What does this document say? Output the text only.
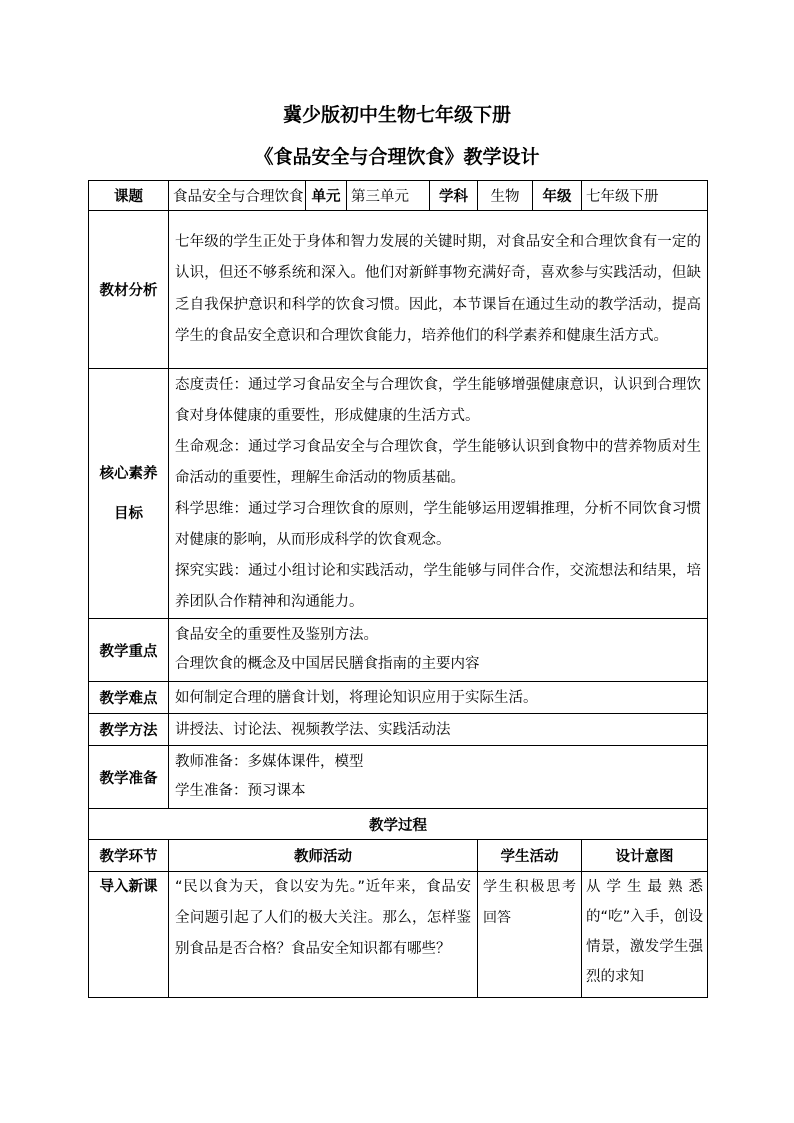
冀少版初中生物七年级下册
《食品安全与合理饮食》教学设计
课题	食品安全与合理饮食	单元	第三单元	学科	生物	年级	七年级下册
教材分析	七年级的学生正处于身体和智力发展的关键时期，对食品安全和合理饮食有一定的认识，但还不够系统和深入。他们对新鲜事物充满好奇，喜欢参与实践活动，但缺乏自我保护意识和科学的饮食习惯。因此，本节课旨在通过生动的教学活动，提高学生的食品安全意识和合理饮食能力，培养他们的科学素养和健康生活方式。						

核心素养
目标	态度责任：通过学习食品安全与合理饮食，学生能够增强健康意识，认识到合理饮食对身体健康的重要性，形成健康的生活方式。
生命观念：通过学习食品安全与合理饮食，学生能够认识到食物中的营养物质对生命活动的重要性，理解生命活动的物质基础。
科学思维：通过学习合理饮食的原则，学生能够运用逻辑推理，分析不同饮食习惯对健康的影响，从而形成科学的饮食观念。
探究实践：通过小组讨论和实践活动，学生能够与同伴合作，交流想法和结果，培养团队合作精神和沟通能力。						

教学重点	食品安全的重要性及鉴别方法。
合理饮食的概念及中国居民膳食指南的主要内容						

教学难点	如何制定合理的膳食计划，将理论知识应用于实际生活。						
教学方法	讲授法、讨论法、视频教学法、实践活动法						
教学准备	教师准备：多媒体课件，模型
学生准备：预习课本						

教学过程							
教学环节	教师活动				学生活动		设计意图
导入新课	“民以食为天，食以安为先。”近年来，食品安全问题引起了人们的极大关注。那么，怎样鉴别食品是否合格？食品安全知识都有哪些？				学生积极思考回答		从学生最熟悉的“吃”入手，创设情景，激发学生强烈的求知
